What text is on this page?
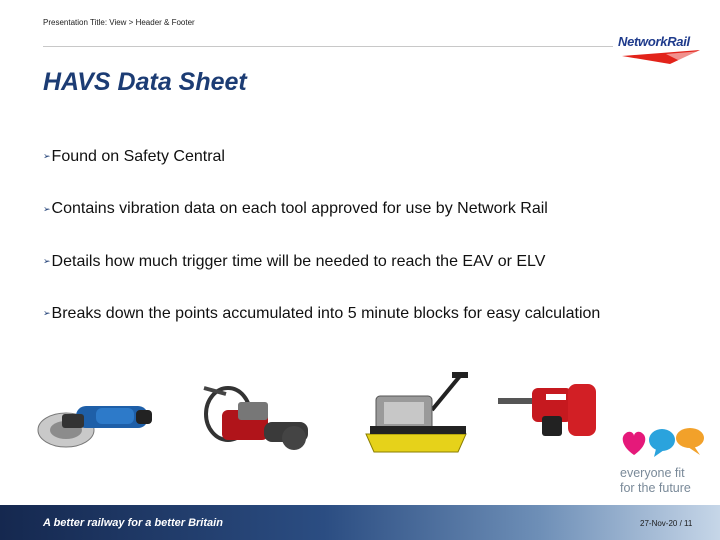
Presentation Title: View > Header & Footer
NetworkRail
HAVS Data Sheet

➢Found on Safety Central

➢Contains vibration data on each tool approved for use by Network Rail

➢Details how much trigger time will be needed to reach the EAV or ELV

➢Breaks down the points accumulated into 5 minute blocks for easy calculation

everyone fit
for the future
A better railway for a better Britain	27-Nov-20 / 11
